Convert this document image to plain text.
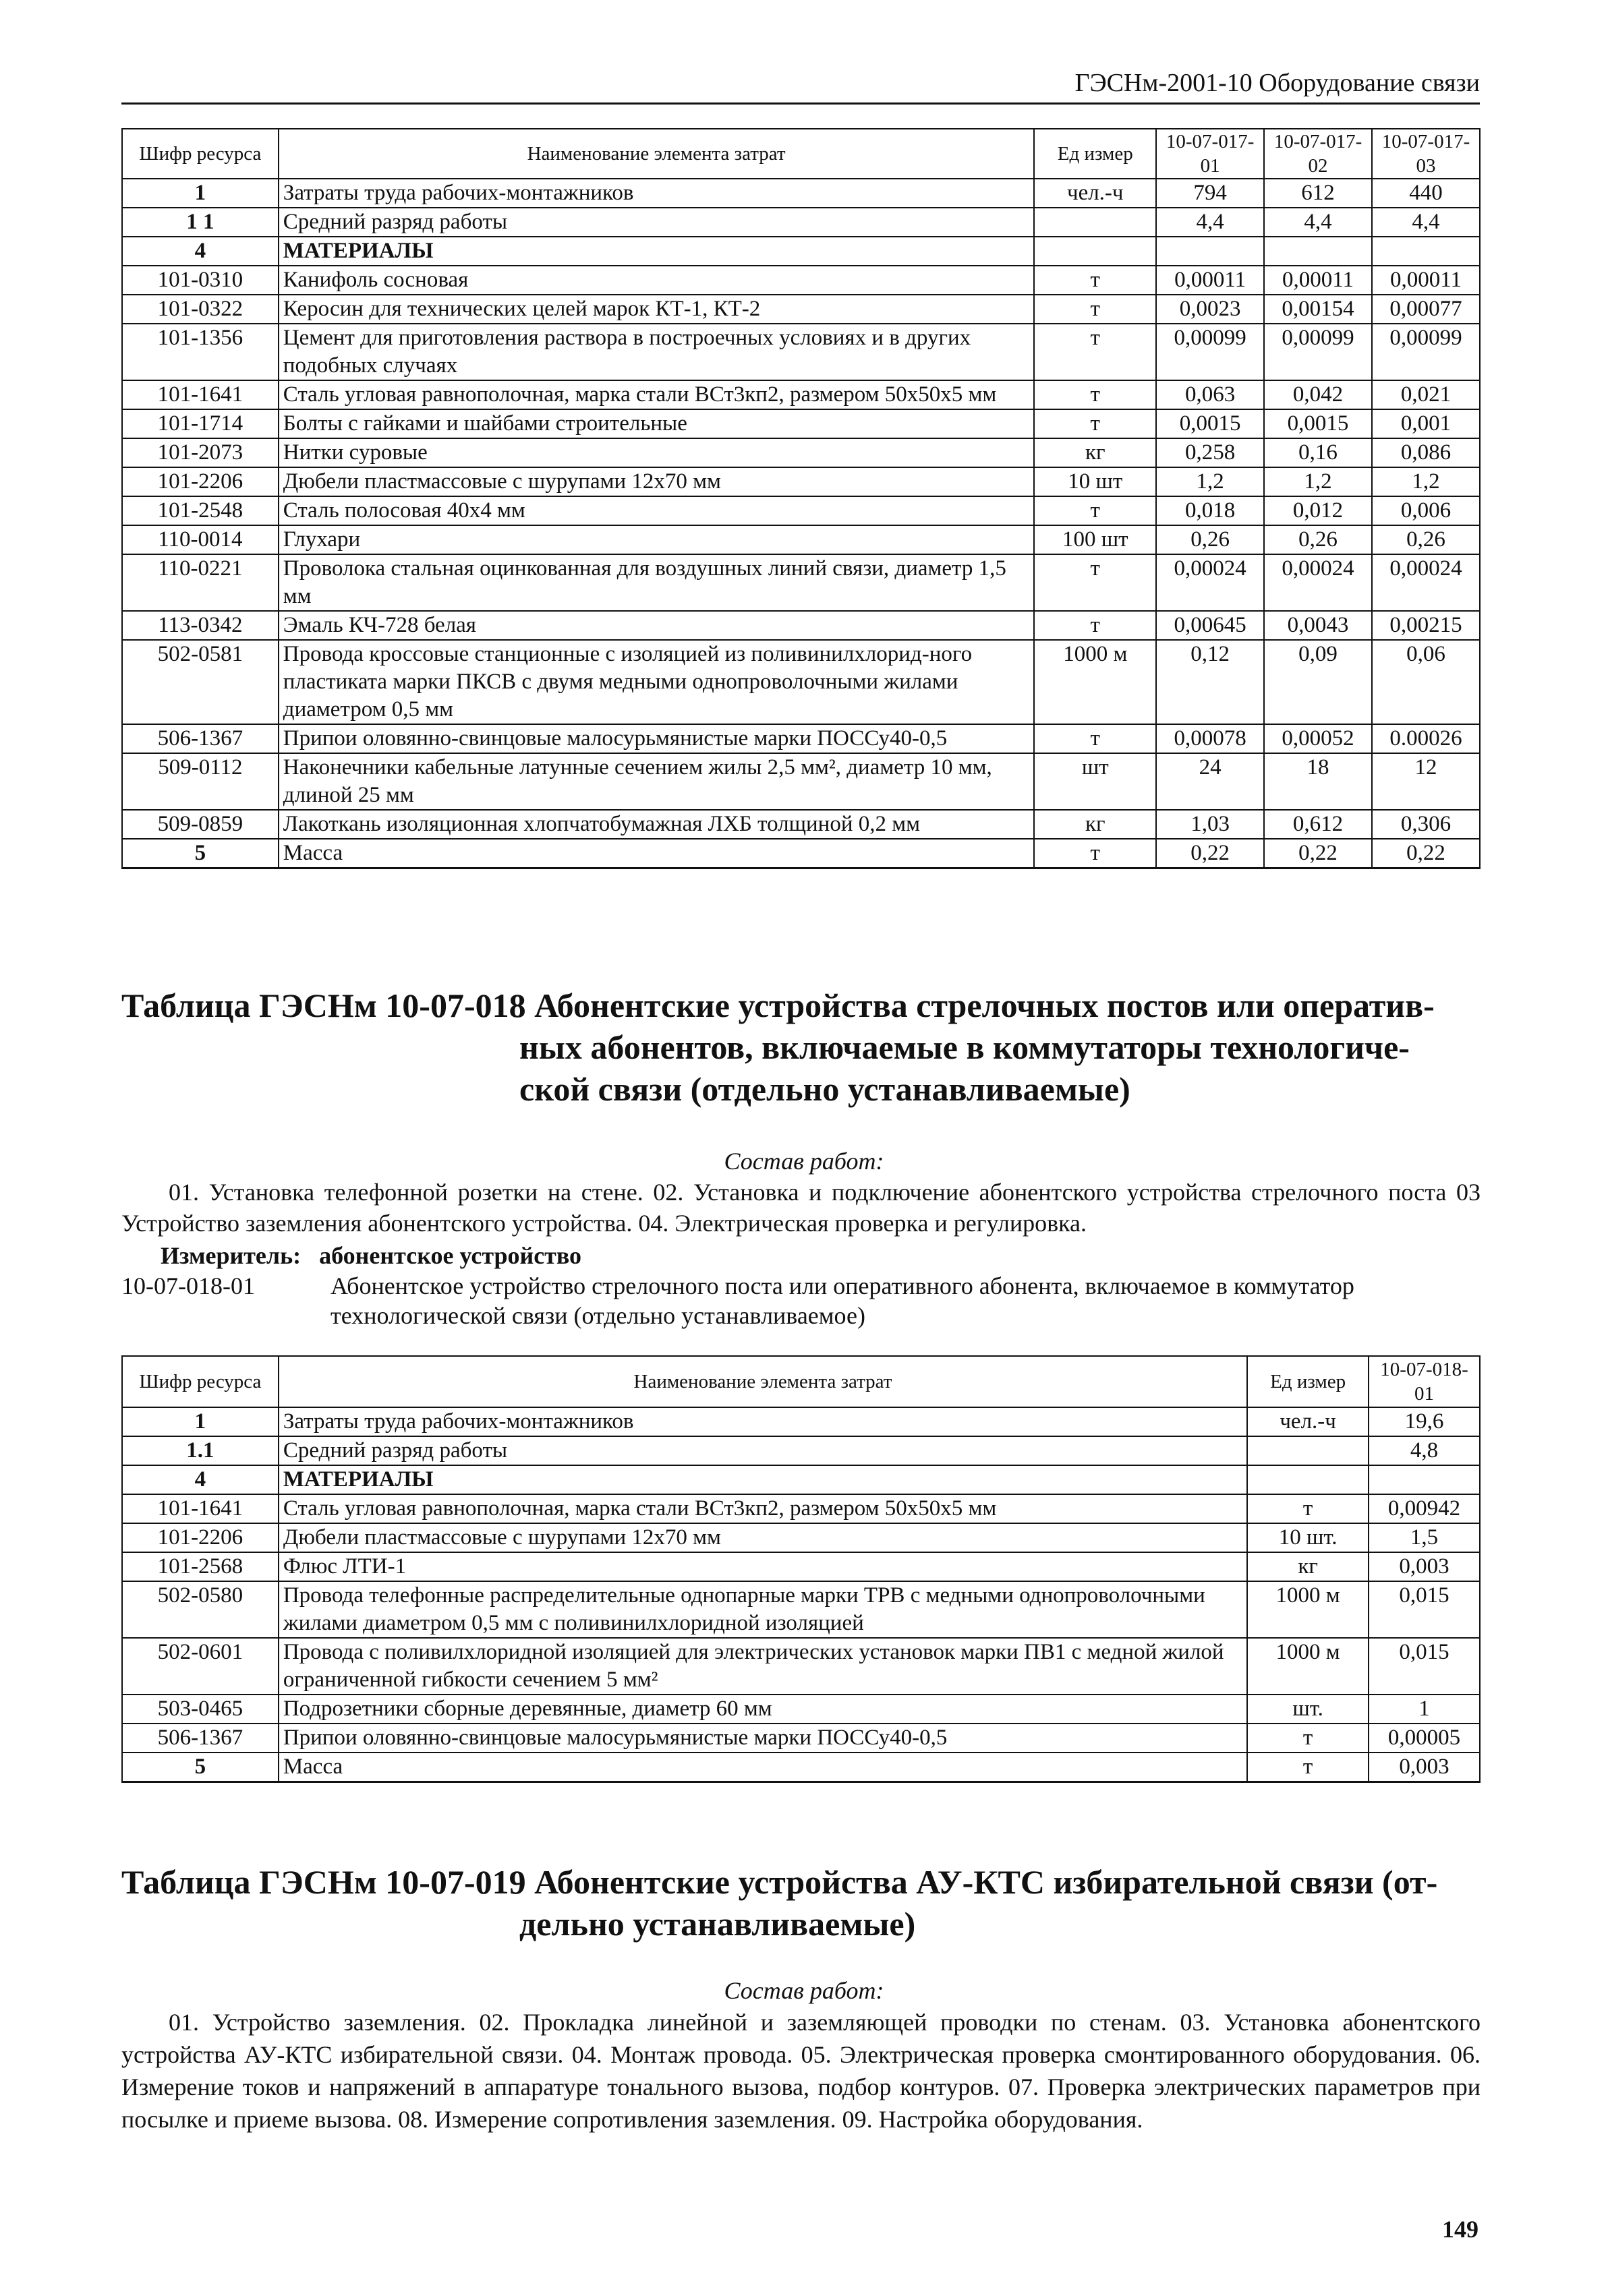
ГЭСНм-2001-10 Оборудование связи
Шифр ресурса	Наименование элемента затрат	Ед измер	10-07-017-01	10-07-017-02	10-07-017-03
1	Затраты труда рабочих-монтажников	чел.-ч	794	612	440
1 1	Средний разряд работы		4,4	4,4	4,4
4	МАТЕРИАЛЫ				
101-0310	Канифоль сосновая	т	0,00011	0,00011	0,00011
101-0322	Керосин для технических целей марок КТ-1, КТ-2	т	0,0023	0,00154	0,00077
101-1356	Цемент для приготовления раствора в построечных условиях и в других подобных случаях	т	0,00099	0,00099	0,00099
101-1641	Сталь угловая равнополочная, марка стали ВСт3кп2, размером 50х50х5 мм	т	0,063	0,042	0,021
101-1714	Болты с гайками и шайбами строительные	т	0,0015	0,0015	0,001
101-2073	Нитки суровые	кг	0,258	0,16	0,086
101-2206	Дюбели пластмассовые с шурупами 12х70 мм	10 шт	1,2	1,2	1,2
101-2548	Сталь полосовая 40х4 мм	т	0,018	0,012	0,006
110-0014	Глухари	100 шт	0,26	0,26	0,26
110-0221	Проволока стальная оцинкованная для воздушных линий связи, диаметр 1,5 мм	т	0,00024	0,00024	0,00024
113-0342	Эмаль КЧ-728 белая	т	0,00645	0,0043	0,00215
502-0581	Провода кроссовые станционные с изоляцией из поливинилхлорид-ного пластиката марки ПКСВ с двумя медными однопроволочными жилами диаметром 0,5 мм	1000 м	0,12	0,09	0,06
506-1367	Припои оловянно-свинцовые малосурьмянистые марки ПОССу40-0,5	т	0,00078	0,00052	0.00026
509-0112	Наконечники кабельные латунные сечением жилы 2,5 мм², диаметр 10 мм, длиной 25 мм	шт	24	18	12
509-0859	Лакоткань изоляционная хлопчатобумажная ЛХБ толщиной 0,2 мм	кг	1,03	0,612	0,306
5	Масса	т	0,22	0,22	0,22
Таблица ГЭСНм 10-07-018 Абонентские устройства стрелочных постов или оператив-
ных абонентов, включаемые в коммутаторы технологиче-
ской связи (отдельно устанавливаемые)
Состав работ:
01. Установка телефонной розетки на стене. 02. Установка и подключение абонентского устройства стрелочного поста 03 Устройство заземления абонентского устройства. 04. Электрическая проверка и регулировка.
Измеритель: абонентское устройство
10-07-018-01	Абонентское устройство стрелочного поста или оперативного абонента, включаемое в коммутатор технологической связи (отдельно устанавливаемое)
Шифр ресурса	Наименование элемента затрат	Ед измер	10-07-018-01
1	Затраты труда рабочих-монтажников	чел.-ч	19,6
1.1	Средний разряд работы		4,8
4	МАТЕРИАЛЫ		
101-1641	Сталь угловая равнополочная, марка стали ВСт3кп2, размером 50х50х5 мм	т	0,00942
101-2206	Дюбели пластмассовые с шурупами 12х70 мм	10 шт.	1,5
101-2568	Флюс ЛТИ-1	кг	0,003
502-0580	Провода телефонные распределительные однопарные марки ТРВ с медными однопроволочными жилами диаметром 0,5 мм с поливинилхлоридной изоляцией	1000 м	0,015
502-0601	Провода с поливилхлоридной изоляцией для электрических установок марки ПВ1 с медной жилой ограниченной гибкости сечением 5 мм²	1000 м	0,015
503-0465	Подрозетники сборные деревянные, диаметр 60 мм	шт.	1
506-1367	Припои оловянно-свинцовые малосурьмянистые марки ПОССу40-0,5	т	0,00005
5	Масса	т	0,003
Таблица ГЭСНм 10-07-019 Абонентские устройства АУ-КТС избирательной связи (от-
дельно устанавливаемые)
Состав работ:
01. Устройство заземления. 02. Прокладка линейной и заземляющей проводки по стенам. 03. Установка абонентского устройства АУ-КТС избирательной связи. 04. Монтаж провода. 05. Электрическая проверка смонтированного оборудования. 06. Измерение токов и напряжений в аппаратуре тонального вызова, подбор контуров. 07. Проверка электрических параметров при посылке и приеме вызова. 08. Измерение сопротивления заземления. 09. Настройка оборудования.
149
